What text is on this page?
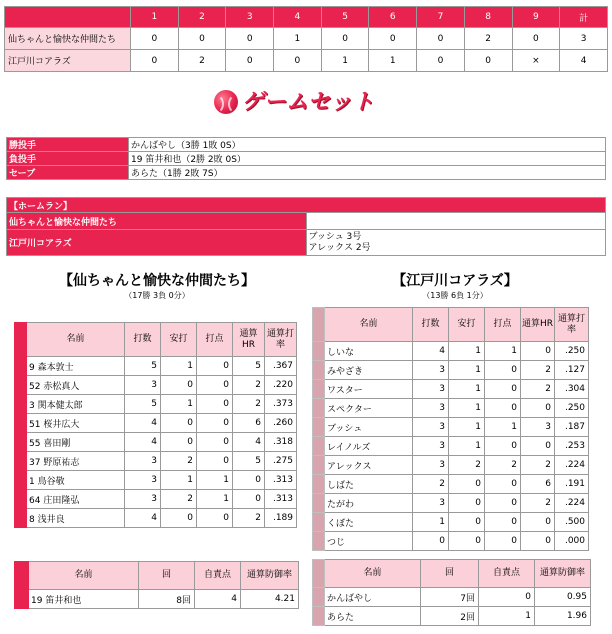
	1	2	3	4	5	6	7	8	9	計
仙ちゃんと愉快な仲間たち	0	0	0	1	0	0	0	2	0	3
江戸川コアラズ	0	2	0	0	1	1	0	0	×	4
ゲームセット
勝投手	かんばやし（3勝 1敗 0S）
負投手	19 笛井和也（2勝 2敗 0S）
セーブ	あらた（1勝 2敗 7S）
【ホームラン】	
仙ちゃんと愉快な仲間たち	
江戸川コアラズ	ブッシュ 3号
アレックス 2号
【仙ちゃんと愉快な仲間たち】
（17勝 3負 0分）
【江戸川コアラズ】
（13勝 6負 1分）
	名前	打数	安打	打点	通算HR	通算打率
	9 森本敦士	5	1	0	5	.367
	52 赤松真人	3	0	0	2	.220
	3 関本健太郎	5	1	0	2	.373
	51 桜井広大	4	0	0	6	.260
	55 喜田剛	4	0	0	4	.318
	37 野原祐志	3	2	0	5	.275
	1 鳥谷敬	3	1	1	0	.313
	64 庄田隆弘	3	2	1	0	.313
	8 浅井良	4	0	0	2	.189
	名前	打数	安打	打点	通算HR	通算打率
	しいな	4	1	1	0	.250
	みやざき	3	1	0	2	.127
	ワスター	3	1	0	2	.304
	スペクター	3	1	0	0	.250
	ブッシュ	3	1	1	3	.187
	レイノルズ	3	1	0	0	.253
	アレックス	3	2	2	2	.224
	しばた	2	0	0	6	.191
	たがわ	3	0	0	2	.224
	くぼた	1	0	0	0	.500
	つじ	0	0	0	0	.000
	名前	回	自責点	通算防御率
	19 笛井和也	8回	4	4.21
	名前	回	自責点	通算防御率
	かんばやし	7回	0	0.95
	あらた	2回	1	1.96
